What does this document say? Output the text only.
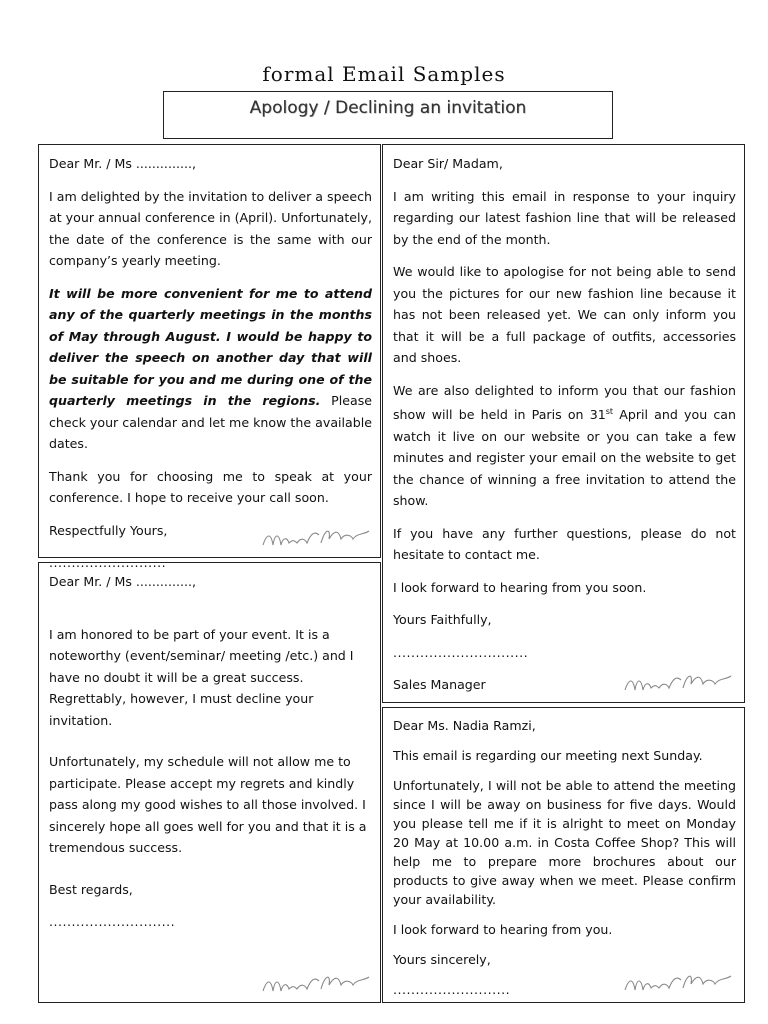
formal Email Samples
Apology / Declining an invitation

Dear Mr. / Ms ..............,

I am delighted by the invitation to deliver a speech at your annual conference in (April). Unfortunately, the date of the conference is the same with our company’s yearly meeting.

It will be more convenient for me to attend any of the quarterly meetings in the months of May through August. I would be happy to deliver the speech on another day that will be suitable for you and me during one of the quarterly meetings in the regions. Please check your calendar and let me know the available dates.

Thank you for choosing me to speak at your conference. I hope to receive your call soon.

Respectfully Yours,

..........................

Dear Mr. / Ms ..............,

I am honored to be part of your event. It is a noteworthy (event/seminar/ meeting /etc.) and I have no doubt it will be a great success. Regrettably, however, I must decline your invitation.

Unfortunately, my schedule will not allow me to participate. Please accept my regrets and kindly pass along my good wishes to all those involved. I sincerely hope all goes well for you and that it is a tremendous success.

Best regards,

............................

Dear Sir/ Madam,

I am writing this email in response to your inquiry regarding our latest fashion line that will be released by the end of the month.

We would like to apologise for not being able to send you the pictures for our new fashion line because it has not been released yet. We can only inform you that it will be a full package of outfits, accessories and shoes.

We are also delighted to inform you that our fashion show will be held in Paris on 31st April and you can watch it live on our website or you can take a few minutes and register your email on the website to get the chance of winning a free invitation to attend the show.

If you have any further questions, please do not hesitate to contact me.

I look forward to hearing from you soon.

Yours Faithfully,

..............................

Sales Manager

Dear Ms. Nadia Ramzi,

This email is regarding our meeting next Sunday.

Unfortunately, I will not be able to attend the meeting since I will be away on business for five days. Would you please tell me if it is alright to meet on Monday 20 May at 10.00 a.m. in Costa Coffee Shop? This will help me to prepare more brochures about our products to give away when we meet. Please confirm your availability.

I look forward to hearing from you.

Yours sincerely,

..........................
